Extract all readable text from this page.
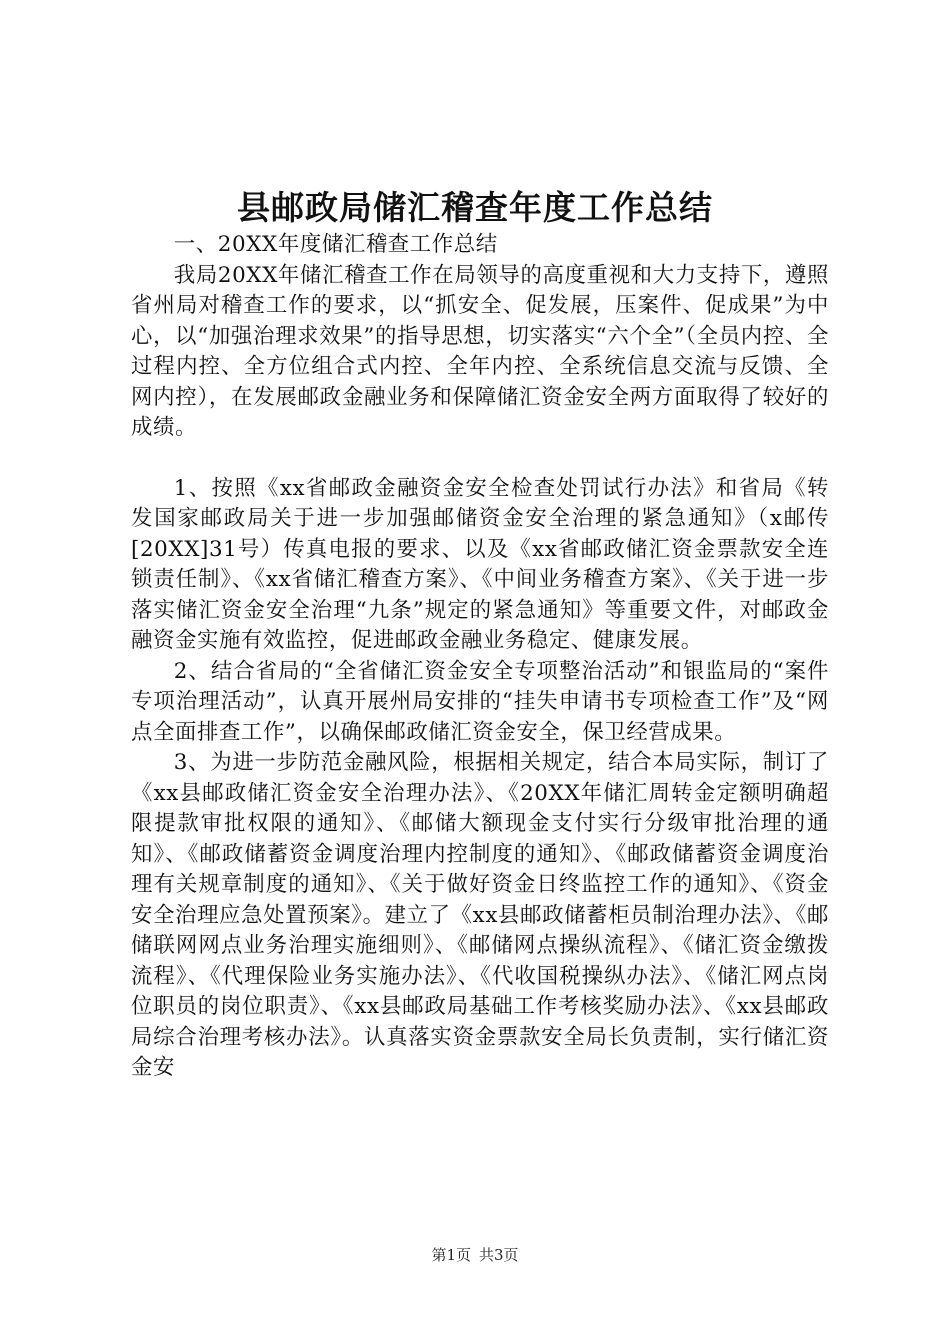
县邮政局储汇稽查年度工作总结

一、20XX年度储汇稽查工作总结

我局20XX年储汇稽查工作在局领导的高度重视和大力支持下，遵照省州局对稽查工作的要求，以“抓安全、促发展，压案件、促成果”为中心，以“加强治理求效果”的指导思想，切实落实“六个全”（全员内控、全过程内控、全方位组合式内控、全年内控、全系统信息交流与反馈、全网内控），在发展邮政金融业务和保障储汇资金安全两方面取得了较好的成绩。

1、按照《xx省邮政金融资金安全检查处罚试行办法》和省局《转发国家邮政局关于进一步加强邮储资金安全治理的紧急通知》（x邮传[20XX]31号）传真电报的要求、以及《xx省邮政储汇资金票款安全连锁责任制》、《xx省储汇稽查方案》、《中间业务稽查方案》、《关于进一步落实储汇资金安全治理“九条”规定的紧急通知》等重要文件，对邮政金融资金实施有效监控，促进邮政金融业务稳定、健康发展。

2、结合省局的“全省储汇资金安全专项整治活动”和银监局的“案件专项治理活动”，认真开展州局安排的“挂失申请书专项检查工作”及“网点全面排查工作”，以确保邮政储汇资金安全，保卫经营成果。

3、为进一步防范金融风险，根据相关规定，结合本局实际，制订了《xx县邮政储汇资金安全治理办法》、《20XX年储汇周转金定额明确超限提款审批权限的通知》、《邮储大额现金支付实行分级审批治理的通知》、《邮政储蓄资金调度治理内控制度的通知》、《邮政储蓄资金调度治理有关规章制度的通知》、《关于做好资金日终监控工作的通知》、《资金安全治理应急处置预案》。建立了《xx县邮政储蓄柜员制治理办法》、《邮储联网网点业务治理实施细则》、《邮储网点操纵流程》、《储汇资金缴拨流程》、《代理保险业务实施办法》、《代收国税操纵办法》、《储汇网点岗位职员的岗位职责》、《xx县邮政局基础工作考核奖励办法》、《xx县邮政局综合治理考核办法》。认真落实资金票款安全局长负责制，实行储汇资金安

第1页 共3页
